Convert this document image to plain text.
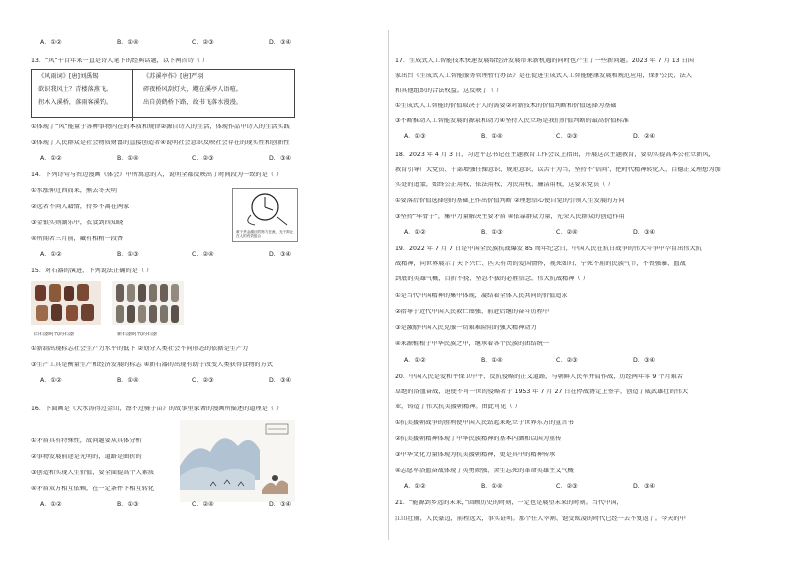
A．①②	B．①④	C．②③	D．③④
13．“风”千百年来一直是诗人笔下的经典话题，以下两首诗（ ）
《风雨词》[唐]刘禹锡
欲识我风土？青楼落燕飞。
拐木入溪桥，落雨客溪钓。
《苏溪亭作》[唐]严羽
碎夜桥风刮灯火，飕在溪亭人语喧。
出自黄鹤桥下路，故书飞落水漫漫。
①体现了“风”能量于各种事物内在的本质和规律②源自诗人的生活，体现作品中诗人的生活实践
③体现了人民群众是社会物质财富的直接创造者④说明社会意识反映社会存在的现实性和创新性
A．①②	B．①④	C．②③	D．③④
14．下列诗句与右边漫画《体会》中所寓意的人，说明全都反映出了时间段为一致的是（ ）
①水涨伸过西而来，熊去冬天明
②远者不问人籍情，持乡不离在两家
③金银实则湖乐中，衣食到四知晓
④所闻者三月前，藏有相稍一段香
黄于杀金湖区的物力在流，光于抑止在人的有效组合
A．①②	B．①③	C．②④	D．③④
15．对石器的演进，下列说法正确的是（ ）
旧石器时代的石器	新石器时代的石器
①新制出现标志社会生产力水平的低下 ②划分人类社会不同形态的依据是生产力
③生产工具是衡量生产和经济发展的标志 ④新石器的出现有助于改变人类获得食物的方式
A．①②	B．①④	C．②③	D．③④
16．下面画是《大水涛得过金山，漂不过骑子亩》的故事里家奢的漫画所描述的道理是（ ）
①矛盾具有特殊性，故问题要从具体分析
②事物发展前途是光明的，道路是曲折的
③创造和实现人生价值，要全面提高个人素质
④矛盾双方相互依赖，在一定条件下相互转化
A．①②	B．①③	C．②④	D．③④
17．生成式人工智能技术快速发展给经济发展带来新机遇的同时也产生了一些新问题。2023 年 7 月 13 日国
家出台《生成式人工智能服务管理暂行办法》是在促进生成式人工智能健康发展和规范应用，保护公民、法人
和其他组织的合法权益。这反映了（ ）
①生成式人工智能的价值取决于人的需要②对新技术的价值判断和价值选择为基础
③不断推动人工智能发展的源泉和动力④坚持人民立场是我们价值判断的最高价值标准
A．①③	B．①④	C．②③	D．②④
18．2023 年 4 月 3 日，习近平总书记在主题教育工作会议上指出，开展这次主题教育，要切实提高本公社立新风，
教育引导广大党员、干部增强任操意识、规矩意识，以苦干为当，坚持不‘信问’，把时代精神转化人、百德正义理想为加
实处的追蒙，始终公正用权、依法用权、为民用权、廉洁用权，这要求党员（ ）
①要落后价值选择创的基础上作出价值判断 ②理想信心使自觉的引领人生发展的方向
③坚持“牢骨子”，集中力量解决主要矛盾 ④依靠群众力量，光荣人民群众的创造作用
A．①②	B．①③	C．②④	D．③④
19．2022 年 7 月 7 日是中国全民族抗战爆发 85 周年纪念日，中国人民在抗日战争的伟大斗争中孕育出伟大抗
战精神，向世界展示了天下兴亡、匹夫有责的爱国情怀，视死如归、宁死不屈的民族气节，不畏强暴、血战
到底的英雄气概，百折不挠、坚忍不拔的必胜信念。伟大抗战精神（ ）
①是当代中国精神的集中体现，凝结着全体人民共同的价值追求
②指导于近代中国人民救亡图强、前赴后继的奋斗历程中
③是激励中国人民克服一切艰难险阻的强大精神动力
④来源植根于中华民族之中，继承着各个民族的团结统一
A．①②	B．①④	C．②③	D．③④
20．中国人民是爱和平保卫中平、反抗侵略的正义道路，与朝鲜人民军并肩作战，历经两年零 9 个月艰苦
卓绝的浴血奋战，迫使不可一世的侵略者于 1953 年 7 月 27 日在停战协定上签字，创造了威武雄壮的伟大
业，铸造了伟大抗美援朝精神。由此可见（ ）
①抗美援朝战争的胜利使中国人民站起来屹立于世界东方的宣言书
②抗美援朝精神体现了中华民族精神的基本内涵和以国为重传
③中华文化力量体现为抗美援朝精神，更是其中的精神传承
④志愿军浴血奋战体现了英勇顽强、舍生忘死的革命英雄主义气概
A．①②	B．①④	C．②③	D．③④
21．“能源到乡远的未来，”回顾历史的时刻，一定也是展望未来的时刻。当代中国，
江山壮丽，人民豪迈，前程远大，事实证明。那个任人宰割、饱受欺凌的时代已经一去不复返了。今天的中
